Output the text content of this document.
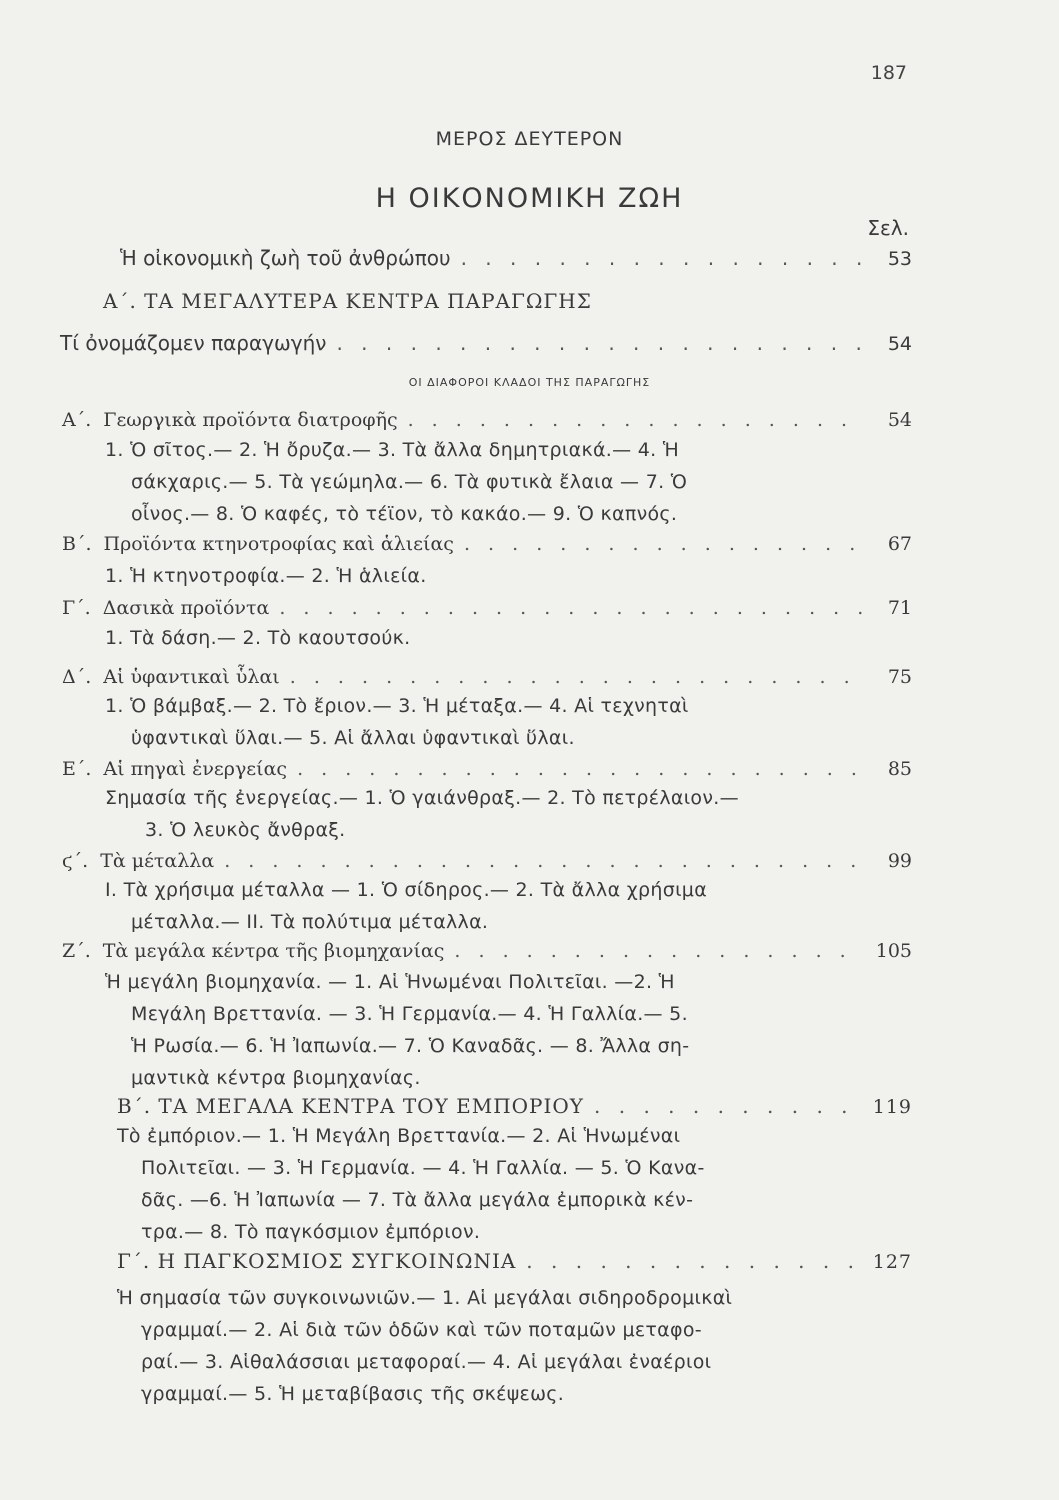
187
ΜΕΡΟΣ ΔΕΥΤΕΡΟΝ
Η ΟΙΚΟΝΟΜΙΚΗ ΖΩΗ
Σελ.
Ἡ οἰκονομικὴ ζωὴ τοῦ ἀνθρώπου . . .	53
Α΄. ΤΑ ΜΕΓΑΛΥΤΕΡΑ ΚΕΝΤΡΑ ΠΑΡΑΓΩΓΗΣ
Τί ὀνομάζομεν παραγωγήν . . .	54
ΟΙ ΔΙΑΦΟΡΟΙ ΚΛΑΔΟΙ ΤΗΣ ΠΑΡΑΓΩΓΗΣ
Α΄. Γεωργικὰ προϊόντα διατροφῆς . . .	54
1. Ὁ σῖτος.— 2. Ἡ ὄρυζα.— 3. Τὰ ἄλλα δημητριακά.— 4. Ἡ
σάκχαρις.— 5. Τὰ γεώμηλα.— 6. Τὰ φυτικὰ ἔλαια — 7. Ὁ
οἶνος.— 8. Ὁ καφές, τὸ τέϊον, τὸ κακάο.— 9. Ὁ καπνός.
Β΄. Προϊόντα κτηνοτροφίας καὶ ἁλιείας . . .	67
1. Ἡ κτηνοτροφία.— 2. Ἡ ἁλιεία.
Γ΄. Δασικὰ προϊόντα . . .	71
1. Τὰ δάση.— 2. Τὸ καουτσούκ.
Δ΄. Αἱ ὑφαντικαὶ ὗλαι . . .	75
1. Ὁ βάμβαξ.— 2. Τὸ ἔριον.— 3. Ἡ μέταξα.— 4. Αἱ τεχνηταὶ
ὑφαντικαὶ ὕλαι.— 5. Αἱ ἄλλαι ὑφαντικαὶ ὕλαι.
Ε΄. Αἱ πηγαὶ ἐνεργείας . . .	85
Σημασία τῆς ἐνεργείας.— 1. Ὁ γαιάνθραξ.— 2. Τὸ πετρέλαιον.—
3. Ὁ λευκὸς ἄνθραξ.
ϛ΄. Τὰ μέταλλα . . .	99
I. Τὰ χρήσιμα μέταλλα — 1. Ὁ σίδηρος.— 2. Τὰ ἄλλα χρήσιμα
μέταλλα.— II. Τὰ πολύτιμα μέταλλα.
Ζ΄. Τὰ μεγάλα κέντρα τῆς βιομηχανίας . . .	105
Ἡ μεγάλη βιομηχανία. — 1. Αἱ Ἡνωμέναι Πολιτεῖαι. —2. Ἡ
Μεγάλη Βρεττανία. — 3. Ἡ Γερμανία.— 4. Ἡ Γαλλία.— 5.
Ἡ Ρωσία.— 6. Ἡ Ἰαπωνία.— 7. Ὁ Καναδᾶς. — 8. Ἄλλα ση-
μαντικὰ κέντρα βιομηχανίας.
Β΄. ΤΑ ΜΕΓΑΛΑ ΚΕΝΤΡΑ ΤΟΥ ΕΜΠΟΡΙΟΥ . . .	119
Τὸ ἐμπόριον.— 1. Ἡ Μεγάλη Βρεττανία.— 2. Αἱ Ἡνωμέναι
Πολιτεῖαι. — 3. Ἡ Γερμανία. — 4. Ἡ Γαλλία. — 5. Ὁ Κανα-
δᾶς. —6. Ἡ Ἰαπωνία — 7. Τὰ ἄλλα μεγάλα ἐμπορικὰ κέν-
τρα.— 8. Τὸ παγκόσμιον ἐμπόριον.
Γ΄. Η ΠΑΓΚΟΣΜΙΟΣ ΣΥΓΚΟΙΝΩΝΙΑ . . .	127
Ἡ σημασία τῶν συγκοινωνιῶν.— 1. Αἱ μεγάλαι σιδηροδρομικαὶ
γραμμαί.— 2. Αἱ διὰ τῶν ὁδῶν καὶ τῶν ποταμῶν μεταφο-
ραί.— 3. Αἱθαλάσσιαι μεταφοραί.— 4. Αἱ μεγάλαι ἐναέριοι
γραμμαί.— 5. Ἡ μεταβίβασις τῆς σκέψεως.
